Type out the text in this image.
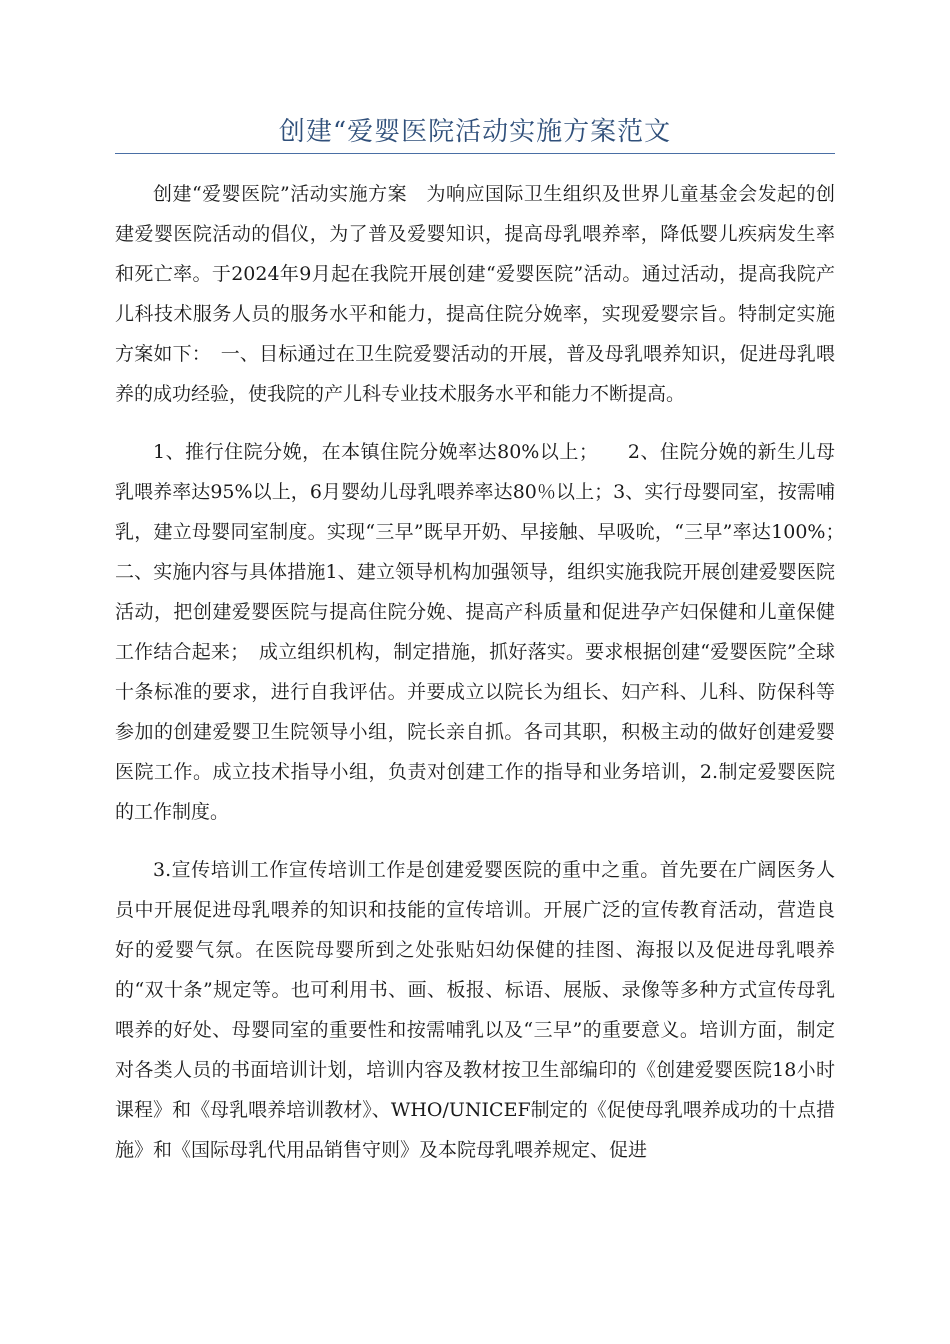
创建“爱婴医院活动实施方案范文

创建“爱婴医院”活动实施方案　为响应国际卫生组织及世界儿童基金会发起的创建爱婴医院活动的倡仪，为了普及爱婴知识，提高母乳喂养率，降低婴儿疾病发生率和死亡率。于2024年9月起在我院开展创建“爱婴医院”活动。通过活动，提高我院产儿科技术服务人员的服务水平和能力，提高住院分娩率，实现爱婴宗旨。特制定实施方案如下：　一、目标通过在卫生院爱婴活动的开展，普及母乳喂养知识，促进母乳喂养的成功经验，使我院的产儿科专业技术服务水平和能力不断提高。

1、推行住院分娩，在本镇住院分娩率达80%以上；　　2、住院分娩的新生儿母乳喂养率达95%以上，6月婴幼儿母乳喂养率达80％以上；3、实行母婴同室，按需哺乳，建立母婴同室制度。实现“三早”既早开奶、早接触、早吸吮，“三早”率达100%；　　二、实施内容与具体措施1、建立领导机构加强领导，组织实施我院开展创建爱婴医院活动，把创建爱婴医院与提高住院分娩、提高产科质量和促进孕产妇保健和儿童保健工作结合起来；　成立组织机构，制定措施，抓好落实。要求根据创建“爱婴医院”全球十条标准的要求，进行自我评估。并要成立以院长为组长、妇产科、儿科、防保科等参加的创建爱婴卫生院领导小组，院长亲自抓。各司其职，积极主动的做好创建爱婴医院工作。成立技术指导小组，负责对创建工作的指导和业务培训，2.制定爱婴医院的工作制度。

3.宣传培训工作宣传培训工作是创建爱婴医院的重中之重。首先要在广阔医务人员中开展促进母乳喂养的知识和技能的宣传培训。开展广泛的宣传教育活动，营造良好的爱婴气氛。在医院母婴所到之处张贴妇幼保健的挂图、海报以及促进母乳喂养的“双十条”规定等。也可利用书、画、板报、标语、展版、录像等多种方式宣传母乳喂养的好处、母婴同室的重要性和按需哺乳以及“三早”的重要意义。培训方面，制定对各类人员的书面培训计划，培训内容及教材按卫生部编印的《创建爱婴医院18小时课程》和《母乳喂养培训教材》、WHO/UNICEF制定的《促使母乳喂养成功的十点措施》和《国际母乳代用品销售守则》及本院母乳喂养规定、促进
